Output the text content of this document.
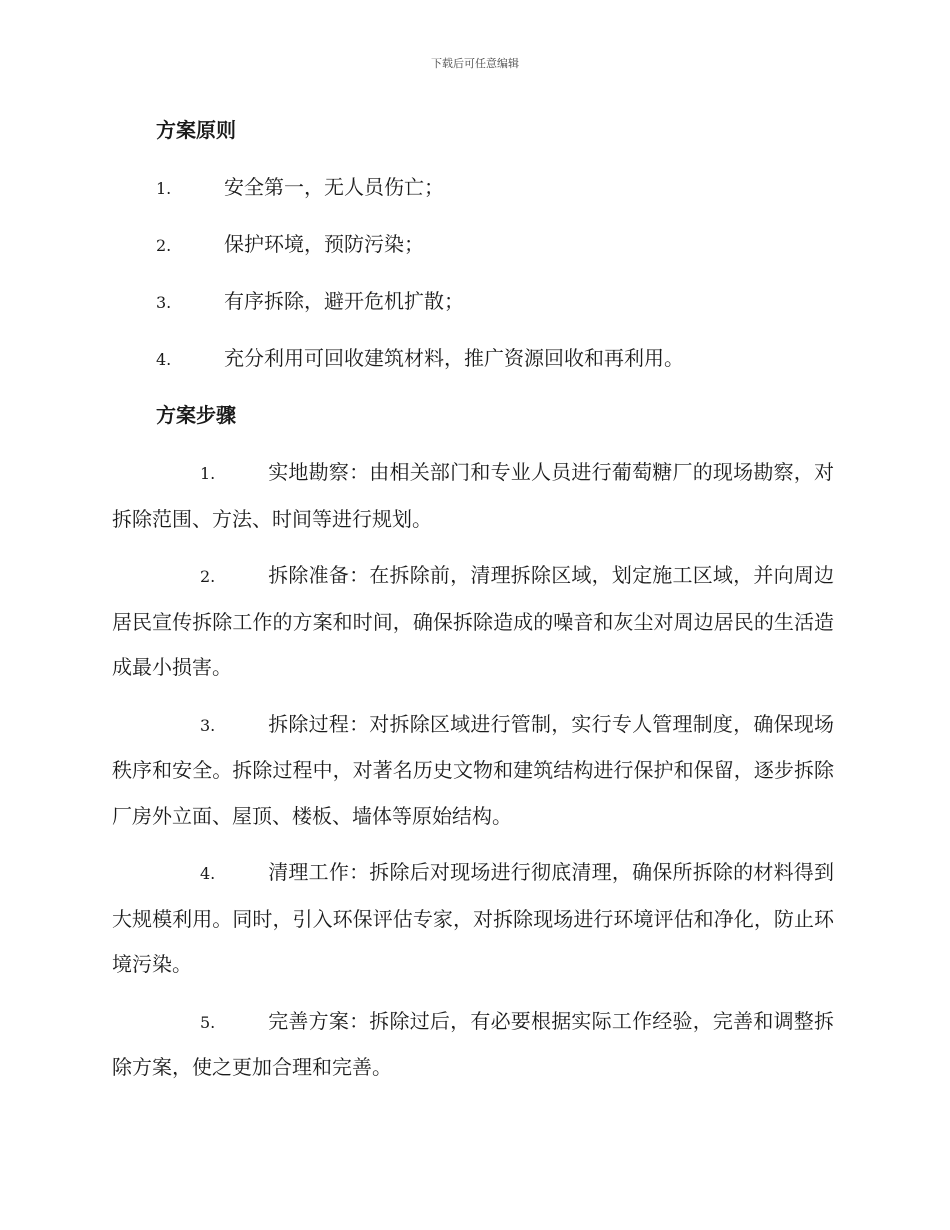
下载后可任意编辑
方案原则
1.	安全第一，无人员伤亡；
2.	保护环境，预防污染；
3.	有序拆除，避开危机扩散；
4.	充分利用可回收建筑材料，推广资源回收和再利用。
方案步骤
1.	实地勘察：由相关部门和专业人员进行葡萄糖厂的现场勘察，对拆除范围、方法、时间等进行规划。
2.	拆除准备：在拆除前，清理拆除区域，划定施工区域，并向周边居民宣传拆除工作的方案和时间，确保拆除造成的噪音和灰尘对周边居民的生活造成最小损害。
3.	拆除过程：对拆除区域进行管制，实行专人管理制度，确保现场秩序和安全。拆除过程中，对著名历史文物和建筑结构进行保护和保留，逐步拆除厂房外立面、屋顶、楼板、墙体等原始结构。
4.	清理工作：拆除后对现场进行彻底清理，确保所拆除的材料得到大规模利用。同时，引入环保评估专家，对拆除现场进行环境评估和净化，防止环境污染。
5.	完善方案：拆除过后，有必要根据实际工作经验，完善和调整拆除方案，使之更加合理和完善。
